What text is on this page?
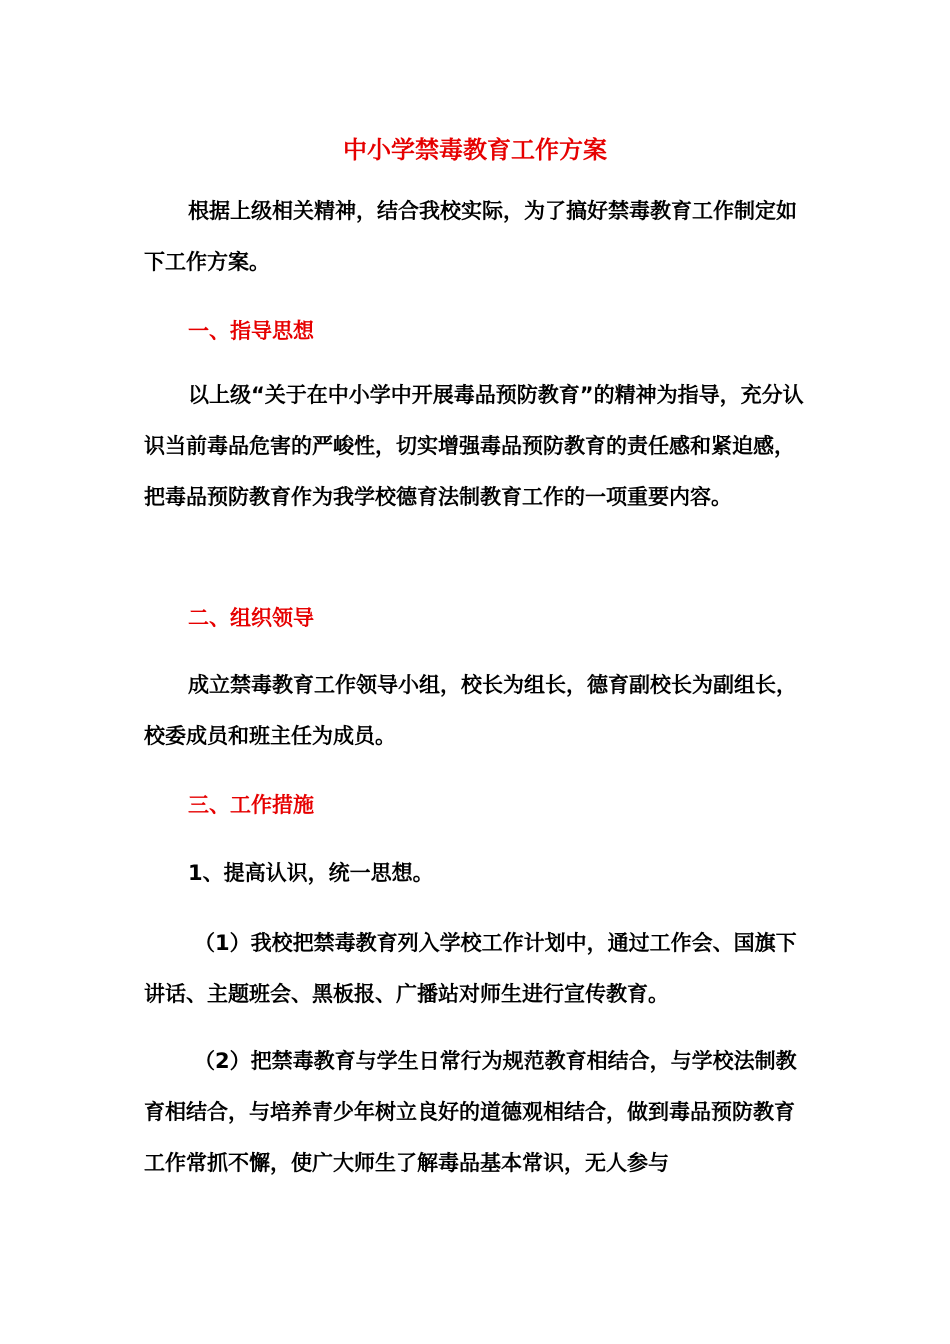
中小学禁毒教育工作方案

根据上级相关精神，结合我校实际，为了搞好禁毒教育工作制定如下工作方案。

一、指导思想

以上级“关于在中小学中开展毒品预防教育”的精神为指导，充分认识当前毒品危害的严峻性，切实增强毒品预防教育的责任感和紧迫感，把毒品预防教育作为我学校德育法制教育工作的一项重要内容。

二、组织领导

成立禁毒教育工作领导小组，校长为组长，德育副校长为副组长，校委成员和班主任为成员。

三、工作措施
1、提高认识，统一思想。

（1）我校把禁毒教育列入学校工作计划中，通过工作会、国旗下讲话、主题班会、黑板报、广播站对师生进行宣传教育。

（2）把禁毒教育与学生日常行为规范教育相结合，与学校法制教育相结合，与培养青少年树立良好的道德观相结合，做到毒品预防教育工作常抓不懈，使广大师生了解毒品基本常识，无人参与
